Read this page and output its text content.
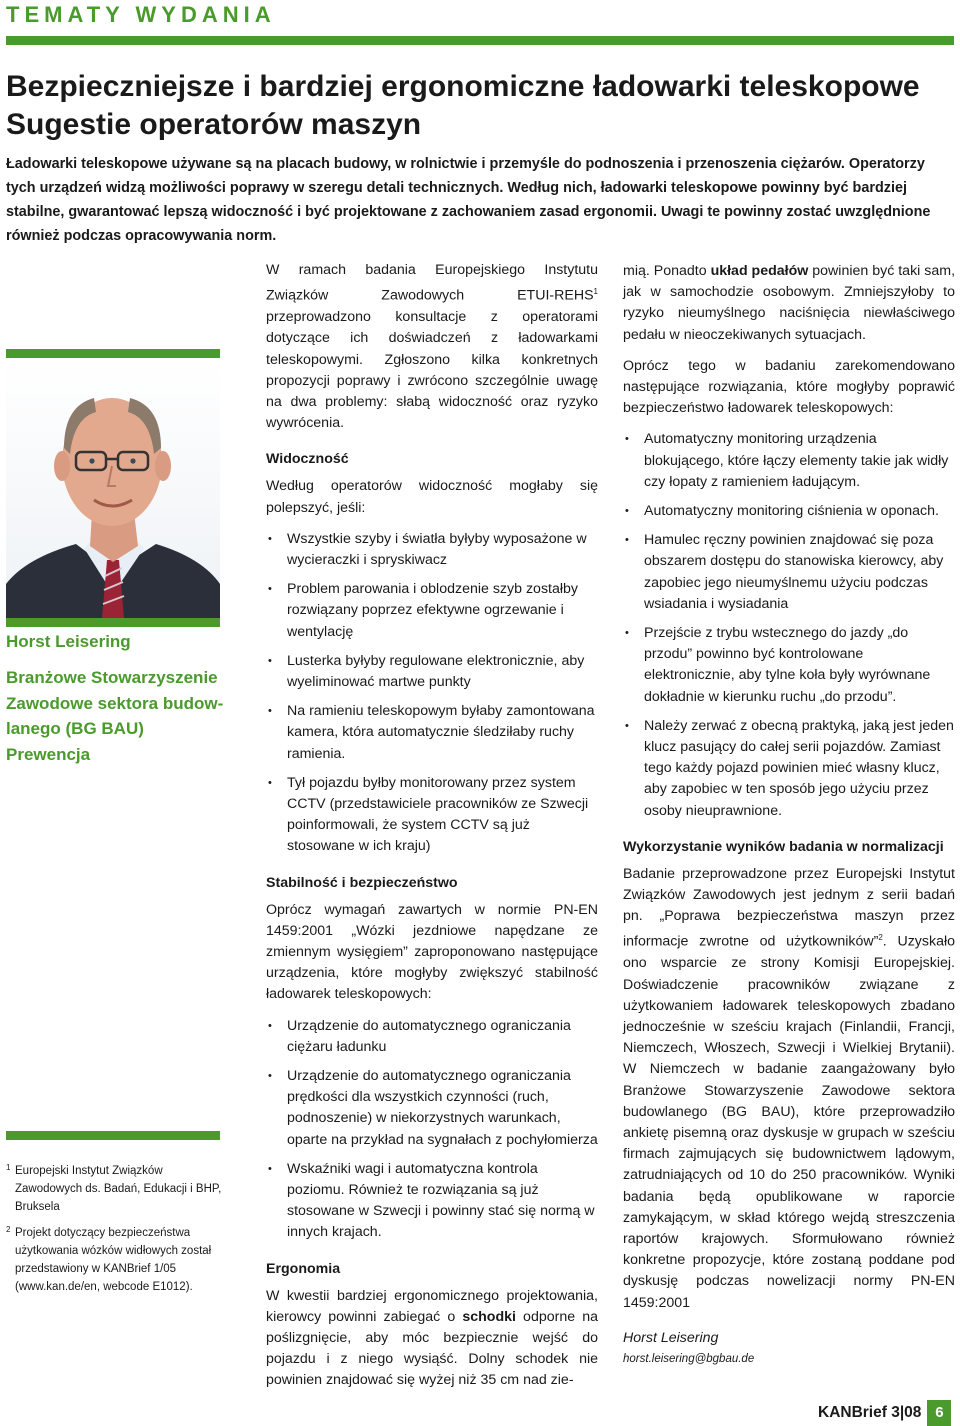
TEMATY WYDANIA
Bezpieczniejsze i bardziej ergonomiczne ładowarki teleskopowe
Sugestie operatorów maszyn

Ładowarki teleskopowe używane są na placach budowy, w rolnictwie i przemyśle do podnoszenia i przenoszenia ciężarów. Operatorzy tych urządzeń widzą możliwości poprawy w szeregu detali technicznych. Według nich, ładowarki teleskopowe powinny być bardziej stabilne, gwarantować lepszą widoczność i być projektowane z zachowaniem zasad ergonomii. Uwagi te powinny zostać uwzględnione również podczas opracowywania norm.

Horst Leisering

Branżowe Stowarzyszenie
Zawodowe sektora budow-
lanego (BG BAU)
Prewencja

1 Europejski Instytut Związków Zawodowych ds. Badań, Edukacji i BHP, Bruksela
2 Projekt dotyczący bezpieczeństwa użytkowania wózków widłowych został przedstawiony w KANBrief 1/05 (www.kan.de/en, webcode E1012).

W ramach badania Europejskiego Instytutu Związków Zawodowych ETUI-REHS$^1$ przeprowadzono konsultacje z operatorami dotyczące ich doświadczeń z ładowarkami teleskopowymi. Zgłoszono kilka konkretnych propozycji poprawy i zwrócono szczególnie uwagę na dwa problemy: słabą widoczność oraz ryzyko wywrócenia.

Widoczność

Według operatorów widoczność mogłaby się polepszyć, jeśli:

• Wszystkie szyby i światła byłyby wyposażone w wycieraczki i spryskiwacz
• Problem parowania i oblodzenie szyb zostałby rozwiązany poprzez efektywne ogrzewanie i wentylację
• Lusterka byłyby regulowane elektronicznie, aby wyeliminować martwe punkty
• Na ramieniu teleskopowym byłaby zamontowana kamera, która automatycznie śledziłaby ruchy ramienia.
• Tył pojazdu byłby monitorowany przez system CCTV (przedstawiciele pracowników ze Szwecji poinformowali, że system CCTV są już stosowane w ich kraju)
Stabilność i bezpieczeństwo

Oprócz wymagań zawartych w normie PN-EN 1459:2001 „Wózki jezdniowe napędzane ze zmiennym wysięgiem” zaproponowano następujące urządzenia, które mogłyby zwiększyć stabilność ładowarek teleskopowych:

• Urządzenie do automatycznego ograniczania ciężaru ładunku
• Urządzenie do automatycznego ograniczania prędkości dla wszystkich czynności (ruch, podnoszenie) w niekorzystnych warunkach, oparte na przykład na sygnałach z pochyłomierza
• Wskaźniki wagi i automatyczna kontrola poziomu. Również te rozwiązania są już stosowane w Szwecji i powinny stać się normą w innych krajach.
Ergonomia

W kwestii bardziej ergonomicznego projektowania, kierowcy powinni zabiegać o schodki odporne na poślizgnięcie, aby móc bezpiecznie wejść do pojazdu i z niego wysiąść. Dolny schodek nie powinien znajdować się wyżej niż 35 cm nad zie-

mią. Ponadto układ pedałów powinien być taki sam, jak w samochodzie osobowym. Zmniejszyłoby to ryzyko nieumyślnego naciśnięcia niewłaściwego pedału w nieoczekiwanych sytuacjach.

Oprócz tego w badaniu zarekomendowano następujące rozwiązania, które mogłyby poprawić bezpieczeństwo ładowarek teleskopowych:

• Automatyczny monitoring urządzenia blokującego, które łączy elementy takie jak widły czy łopaty z ramieniem ładującym.
• Automatyczny monitoring ciśnienia w oponach.
• Hamulec ręczny powinien znajdować się poza obszarem dostępu do stanowiska kierowcy, aby zapobiec jego nieumyślnemu użyciu podczas wsiadania i wysiadania
• Przejście z trybu wstecznego do jazdy „do przodu” powinno być kontrolowane elektronicznie, aby tylne koła były wyrównane dokładnie w kierunku ruchu „do przodu”.
• Należy zerwać z obecną praktyką, jaką jest jeden klucz pasujący do całej serii pojazdów. Zamiast tego każdy pojazd powinien mieć własny klucz, aby zapobiec w ten sposób jego użyciu przez osoby nieuprawnione.
Wykorzystanie wyników badania w normalizacji

Badanie przeprowadzone przez Europejski Instytut Związków Zawodowych jest jednym z serii badań pn. „Poprawa bezpieczeństwa maszyn przez informacje zwrotne od użytkowników”$^2$. Uzyskało ono wsparcie ze strony Komisji Europejskiej. Doświadczenie pracowników związane z użytkowaniem ładowarek teleskopowych zbadano jednocześnie w sześciu krajach (Finlandii, Francji, Niemczech, Włoszech, Szwecji i Wielkiej Brytanii). W Niemczech w badanie zaangażowany było Branżowe Stowarzyszenie Zawodowe sektora budowlanego (BG BAU), które przeprowadziło ankietę pisemną oraz dyskusje w grupach w sześciu firmach zajmujących się budownictwem lądowym, zatrudniających od 10 do 250 pracowników. Wyniki badania będą opublikowane w raporcie zamykającym, w skład którego wejdą streszczenia raportów krajowych. Sformułowano również konkretne propozycje, które zostaną poddane pod dyskusję podczas nowelizacji normy PN-EN 1459:2001

Horst Leisering
horst.leisering@bgbau.de
KANBrief 3|08 6
